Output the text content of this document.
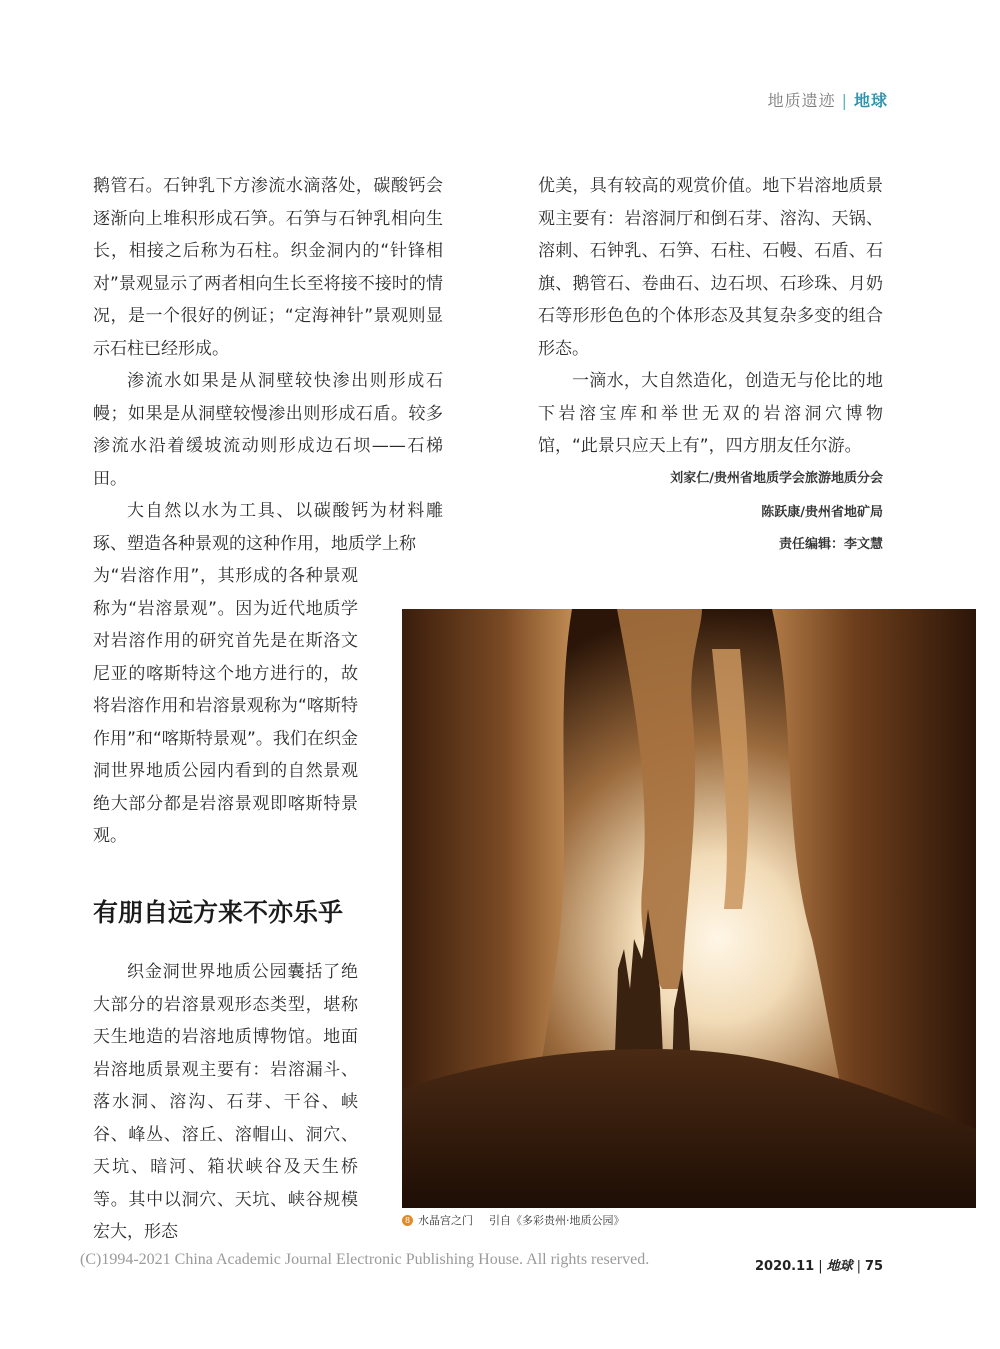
地质遗迹 | 地球

鹅管石。石钟乳下方渗流水滴落处，碳酸钙会逐渐向上堆积形成石笋。石笋与石钟乳相向生长，相接之后称为石柱。织金洞内的“针锋相对”景观显示了两者相向生长至将接不接时的情况，是一个很好的例证；“定海神针”景观则显示石柱已经形成。

渗流水如果是从洞壁较快渗出则形成石幔；如果是从洞壁较慢渗出则形成石盾。较多渗流水沿着缓坡流动则形成边石坝——石梯田。

大自然以水为工具、以碳酸钙为材料雕琢、塑造各种景观的这种作用，地质学上称

为“岩溶作用”，其形成的各种景观称为“岩溶景观”。因为近代地质学对岩溶作用的研究首先是在斯洛文尼亚的喀斯特这个地方进行的，故将岩溶作用和岩溶景观称为“喀斯特作用”和“喀斯特景观”。我们在织金洞世界地质公园内看到的自然景观绝大部分都是岩溶景观即喀斯特景观。

有朋自远方来不亦乐乎

织金洞世界地质公园囊括了绝大部分的岩溶景观形态类型，堪称天生地造的岩溶地质博物馆。地面岩溶地质景观主要有：岩溶漏斗、落水洞、溶沟、石芽、干谷、峡谷、峰丛、溶丘、溶帽山、洞穴、天坑、暗河、箱状峡谷及天生桥等。其中以洞穴、天坑、峡谷规模宏大，形态

优美，具有较高的观赏价值。地下岩溶地质景观主要有：岩溶洞厅和倒石芽、溶沟、天锅、溶刺、石钟乳、石笋、石柱、石幔、石盾、石旗、鹅管石、卷曲石、边石坝、石珍珠、月奶石等形形色色的个体形态及其复杂多变的组合形态。

一滴水，大自然造化，创造无与伦比的地下岩溶宝库和举世无双的岩溶洞穴博物馆，“此景只应天上有”，四方朋友任尔游。

刘家仁/贵州省地质学会旅游地质分会
陈跃康/贵州省地矿局
责任编辑：李文慧
8 水晶宫之门 引自《多彩贵州·地质公园》
(C)1994-2021 China Academic Journal Electronic Publishing House. All rights reserved.	2020.11 | 地球 | 75
